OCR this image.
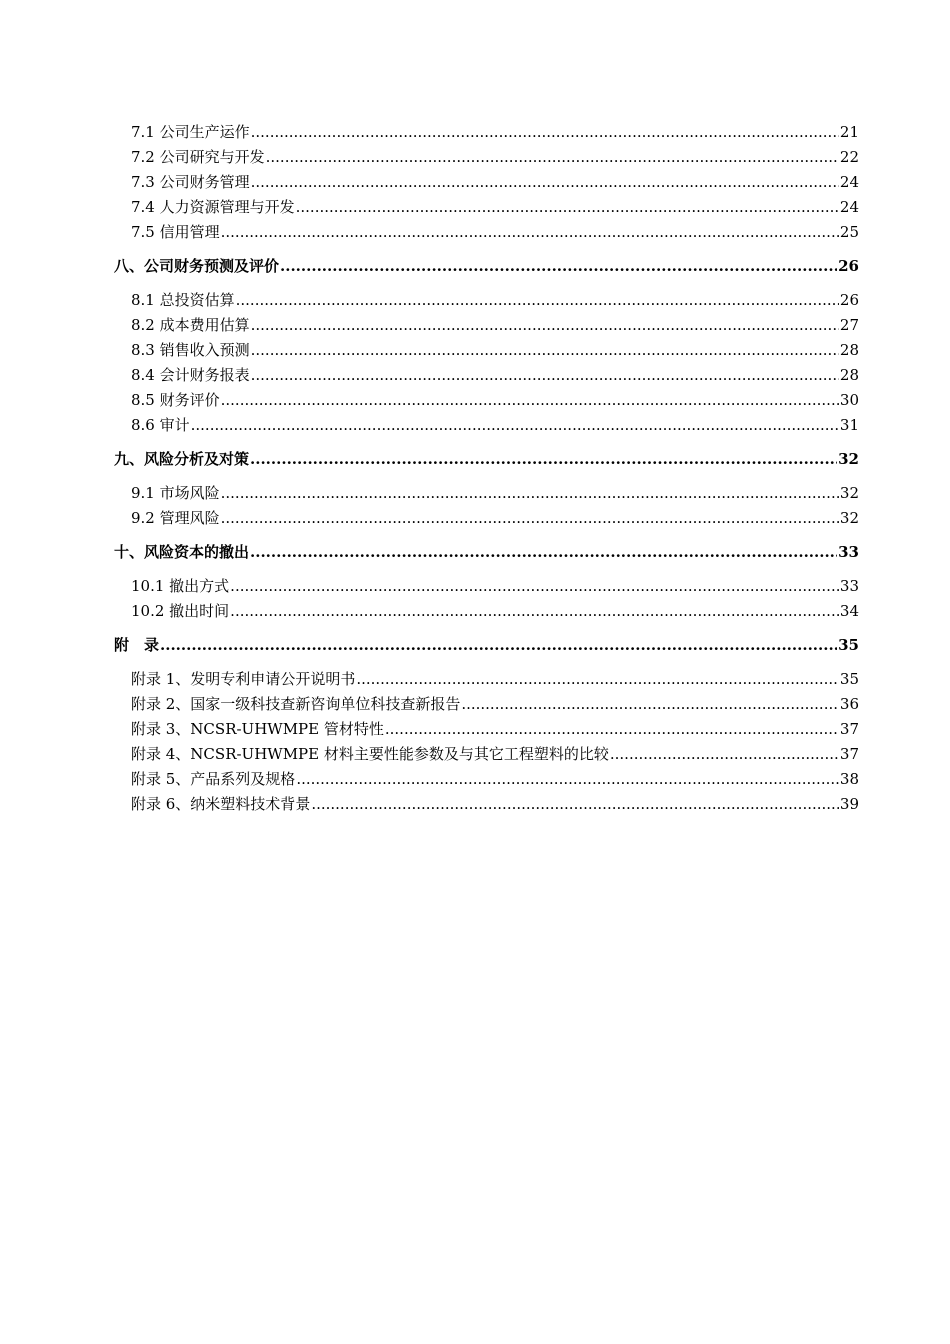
7.1 公司生产运作 .....	21
7.2 公司研究与开发 .....	22
7.3 公司财务管理 .....	24
7.4 人力资源管理与开发 .....	24
7.5 信用管理 .....	25
八、公司财务预测及评价 .....	26
8.1 总投资估算 .....	26
8.2 成本费用估算 .....	27
8.3 销售收入预测 .....	28
8.4 会计财务报表 .....	28
8.5 财务评价 .....	30
8.6 审计 .....	31
九、风险分析及对策 .....	32
9.1 市场风险 .....	32
9.2 管理风险 .....	32
十、风险资本的撤出 .....	33
10.1 撤出方式 .....	33
10.2 撤出时间 .....	34
附　录 .....	35
附录 1、发明专利申请公开说明书 .....	35
附录 2、国家一级科技查新咨询单位科技查新报告 .....	36
附录 3、NCSR-UHWMPE 管材特性 .....	37
附录 4、NCSR-UHWMPE 材料主要性能参数及与其它工程塑料的比较 .....	37
附录 5、产品系列及规格 .....	38
附录 6、纳米塑料技术背景 .....	39
